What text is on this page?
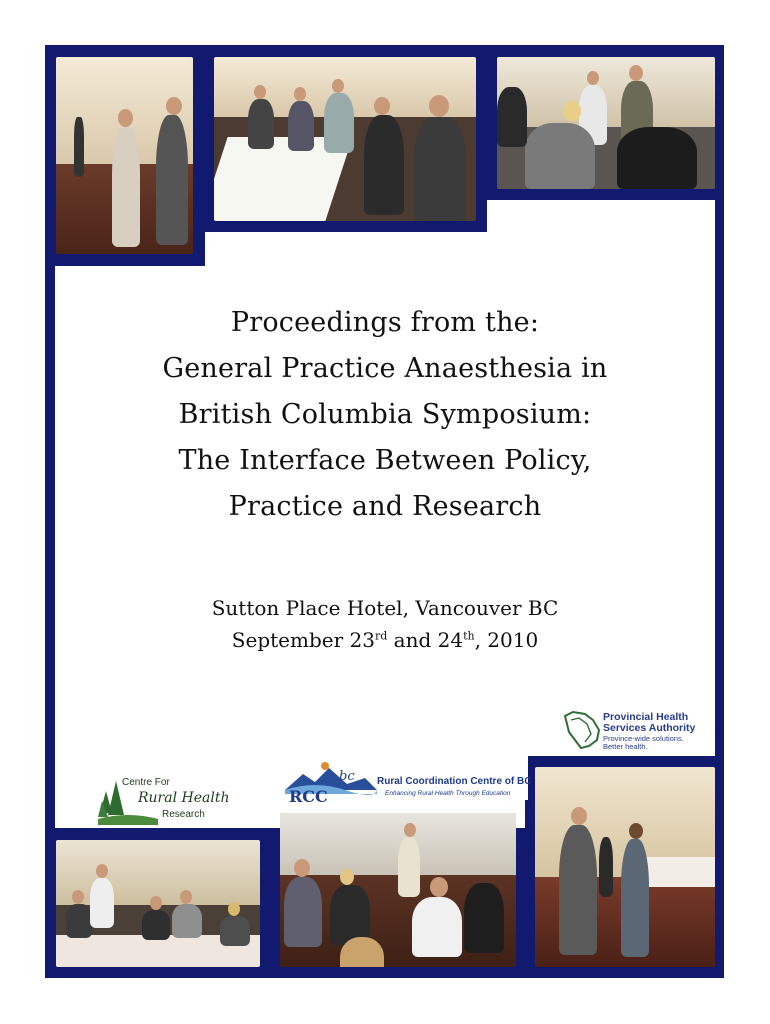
Proceedings from the:
General Practice Anaesthesia in
British Columbia Symposium:
The Interface Between Policy,
Practice and Research
Sutton Place Hotel, Vancouver BC
September 23rd and 24th, 2010
Provincial Health
Services Authority
Province-wide solutions.
Better health.
RCC
bc Rural Coordination Centre of BC
Enhancing Rural Health Through Education
Centre For
Rural Health
Research
